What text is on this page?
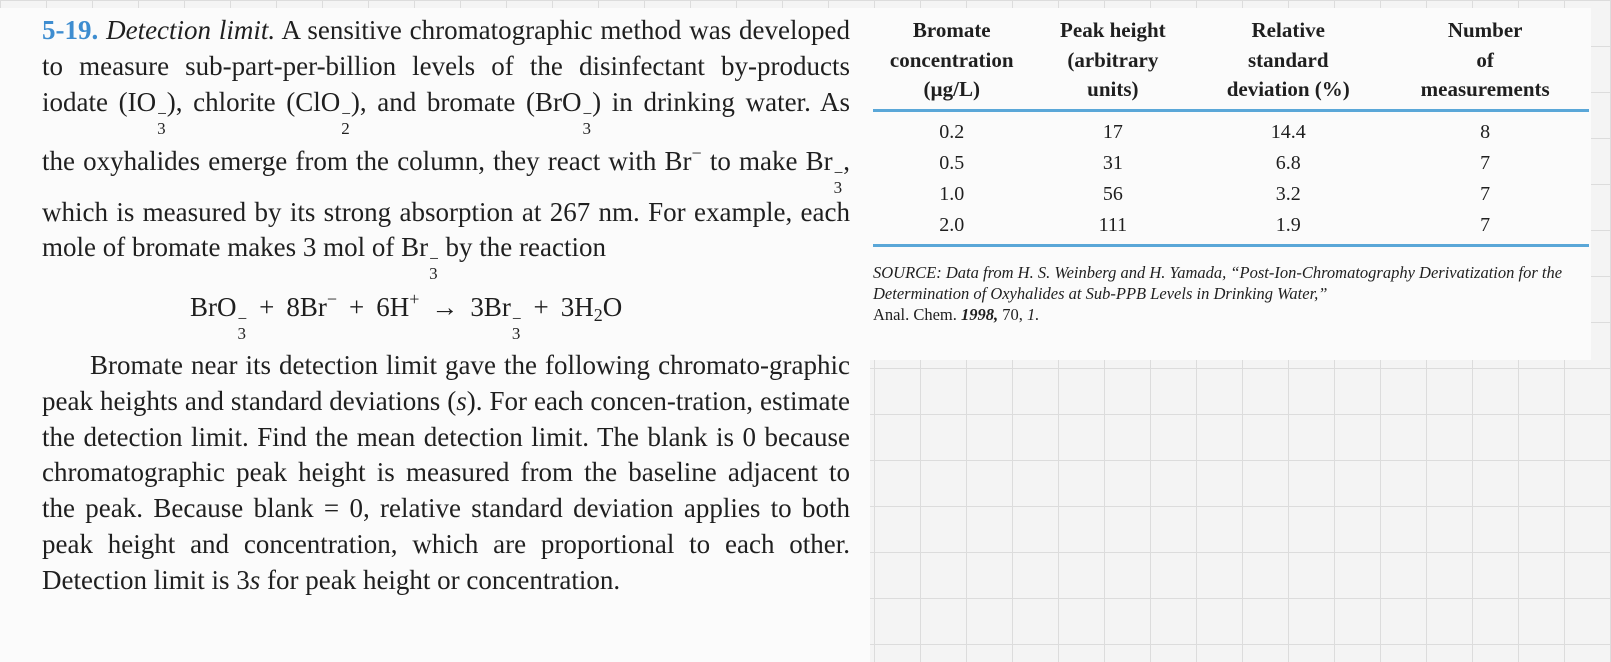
5-19. Detection limit. A sensitive chromatographic method was developed to measure sub-part-per-billion levels of the disinfectant by-products iodate (IO −
3
), chlorite (ClO −
2
), and bromate (BrO −
3
) in drinking water. As the oxyhalides emerge from the column, they react with Br− to make Br −
3
, which is measured by its strong absorption at 267 nm. For example, each mole of bromate makes 3 mol of Br −
3
by the reaction

BrO −
3
+ 8Br− + 6H+ → 3Br −
3
+ $3H_2O$

Bromate near its detection limit gave the following chromato-graphic peak heights and standard deviations (s). For each concen-tration, estimate the detection limit. Find the mean detection limit. The blank is 0 because chromatographic peak height is measured from the baseline adjacent to the peak. Because blank = 0, relative standard deviation applies to both peak height and concentration, which are proportional to each other. Detection limit is 3s for peak height or concentration.

Bromate
concentration
(µg/L)	Peak height
(arbitrary
units)	Relative
standard
deviation (%)	Number
of
measurements
0.2	17	14.4	8
0.5	31	6.8	7
1.0	56	3.2	7
2.0	111	1.9	7

SOURCE: Data from H. S. Weinberg and H. Yamada, “Post-Ion-Chromatography Derivatization for the Determination of Oxyhalides at Sub-PPB Levels in Drinking Water,”
Anal. Chem. 1998, 70, 1.
